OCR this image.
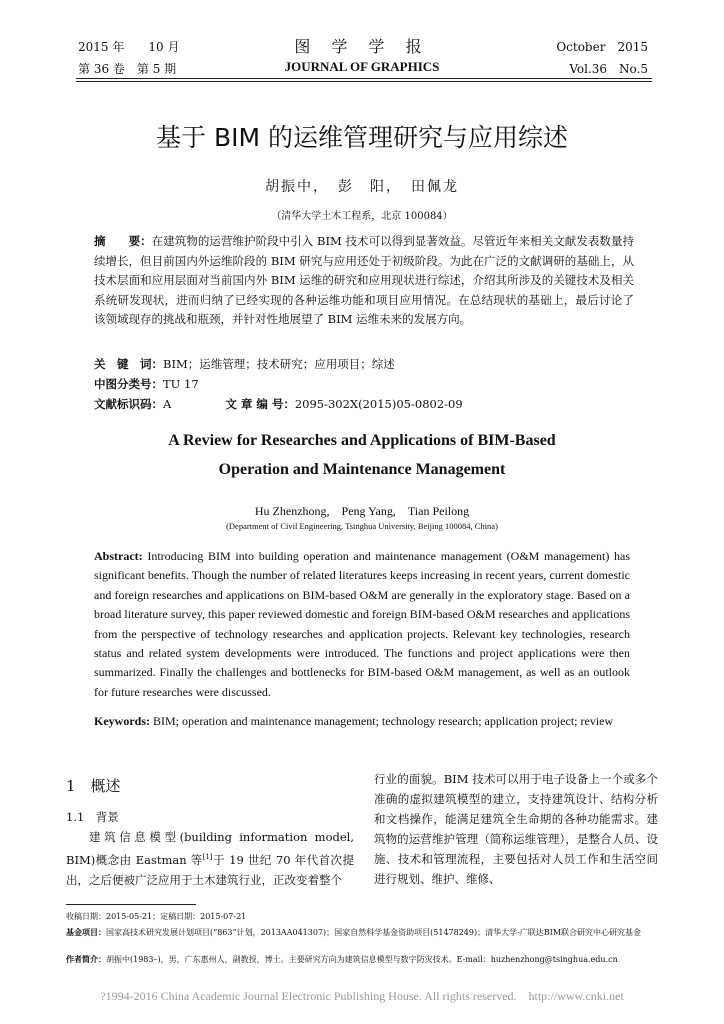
2015 年　　10 月	October　2015
第 36 卷　第 5 期	Vol.36　No.5
图 学 学 报
JOURNAL OF GRAPHICS
基于 BIM 的运维管理研究与应用综述
胡振中，　彭　阳，　田佩龙
（清华大学土木工程系，北京 100084）
摘　　要：在建筑物的运营维护阶段中引入 BIM 技术可以得到显著效益。尽管近年来相关文献发表数量持续增长，但目前国内外运维阶段的 BIM 研究与应用还处于初级阶段。为此在广泛的文献调研的基础上，从技术层面和应用层面对当前国内外 BIM 运维的研究和应用现状进行综述，介绍其所涉及的关键技术及相关系统研发现状，进而归纳了已经实现的各种运维功能和项目应用情况。在总结现状的基础上，最后讨论了该领域现存的挑战和瓶颈，并针对性地展望了 BIM 运维未来的发展方向。
关　键　词：BIM；运维管理；技术研究；应用项目；综述
中图分类号：TU 17
文献标识码：A	文 章 编 号：2095-302X(2015)05-0802-09
A Review for Researches and Applications of BIM-Based
Operation and Maintenance Management
Hu Zhenzhong,　Peng Yang,　Tian Peilong
(Department of Civil Engineering, Tsinghua University, Beijing 100084, China)
Abstract: Introducing BIM into building operation and maintenance management (O&M management) has significant benefits. Though the number of related literatures keeps increasing in recent years, current domestic and foreign researches and applications on BIM-based O&M are generally in the exploratory stage. Based on a broad literature survey, this paper reviewed domestic and foreign BIM-based O&M researches and applications from the perspective of technology researches and application projects. Relevant key technologies, research status and related system developments were introduced. The functions and project applications were then summarized. Finally the challenges and bottlenecks for BIM-based O&M management, as well as an outlook for future researches were discussed.
Keywords: BIM; operation and maintenance management; technology research; application project; review
1　概述
1.1　背景
建筑信息模型(building information model, BIM)概念由 Eastman 等[1]于 19 世纪 70 年代首次提出，之后便被广泛应用于土木建筑行业，正改变着整个
行业的面貌。BIM 技术可以用于电子设备上一个或多个准确的虚拟建筑模型的建立，支持建筑设计、结构分析和文档操作，能满足建筑全生命期的各种功能需求。建筑物的运营维护管理（简称运维管理），是整合人员、设施、技术和管理流程，主要包括对人员工作和生活空间进行规划、维护、维修、
收稿日期：2015-05-21；定稿日期：2015-07-21
基金项目：国家高技术研究发展计划项目(“863”计划，2013AA041307)；国家自然科学基金资助项目(51478249)；清华大学-广联达BIM联合研究中心研究基金
作者简介：胡振中(1983–)，男，广东惠州人，副教授，博士。主要研究方向为建筑信息模型与数字防灾技术。E-mail：huzhenzhong@tsinghua.edu.cn
?1994-2016 China Academic Journal Electronic Publishing House. All rights reserved.　http://www.cnki.net
